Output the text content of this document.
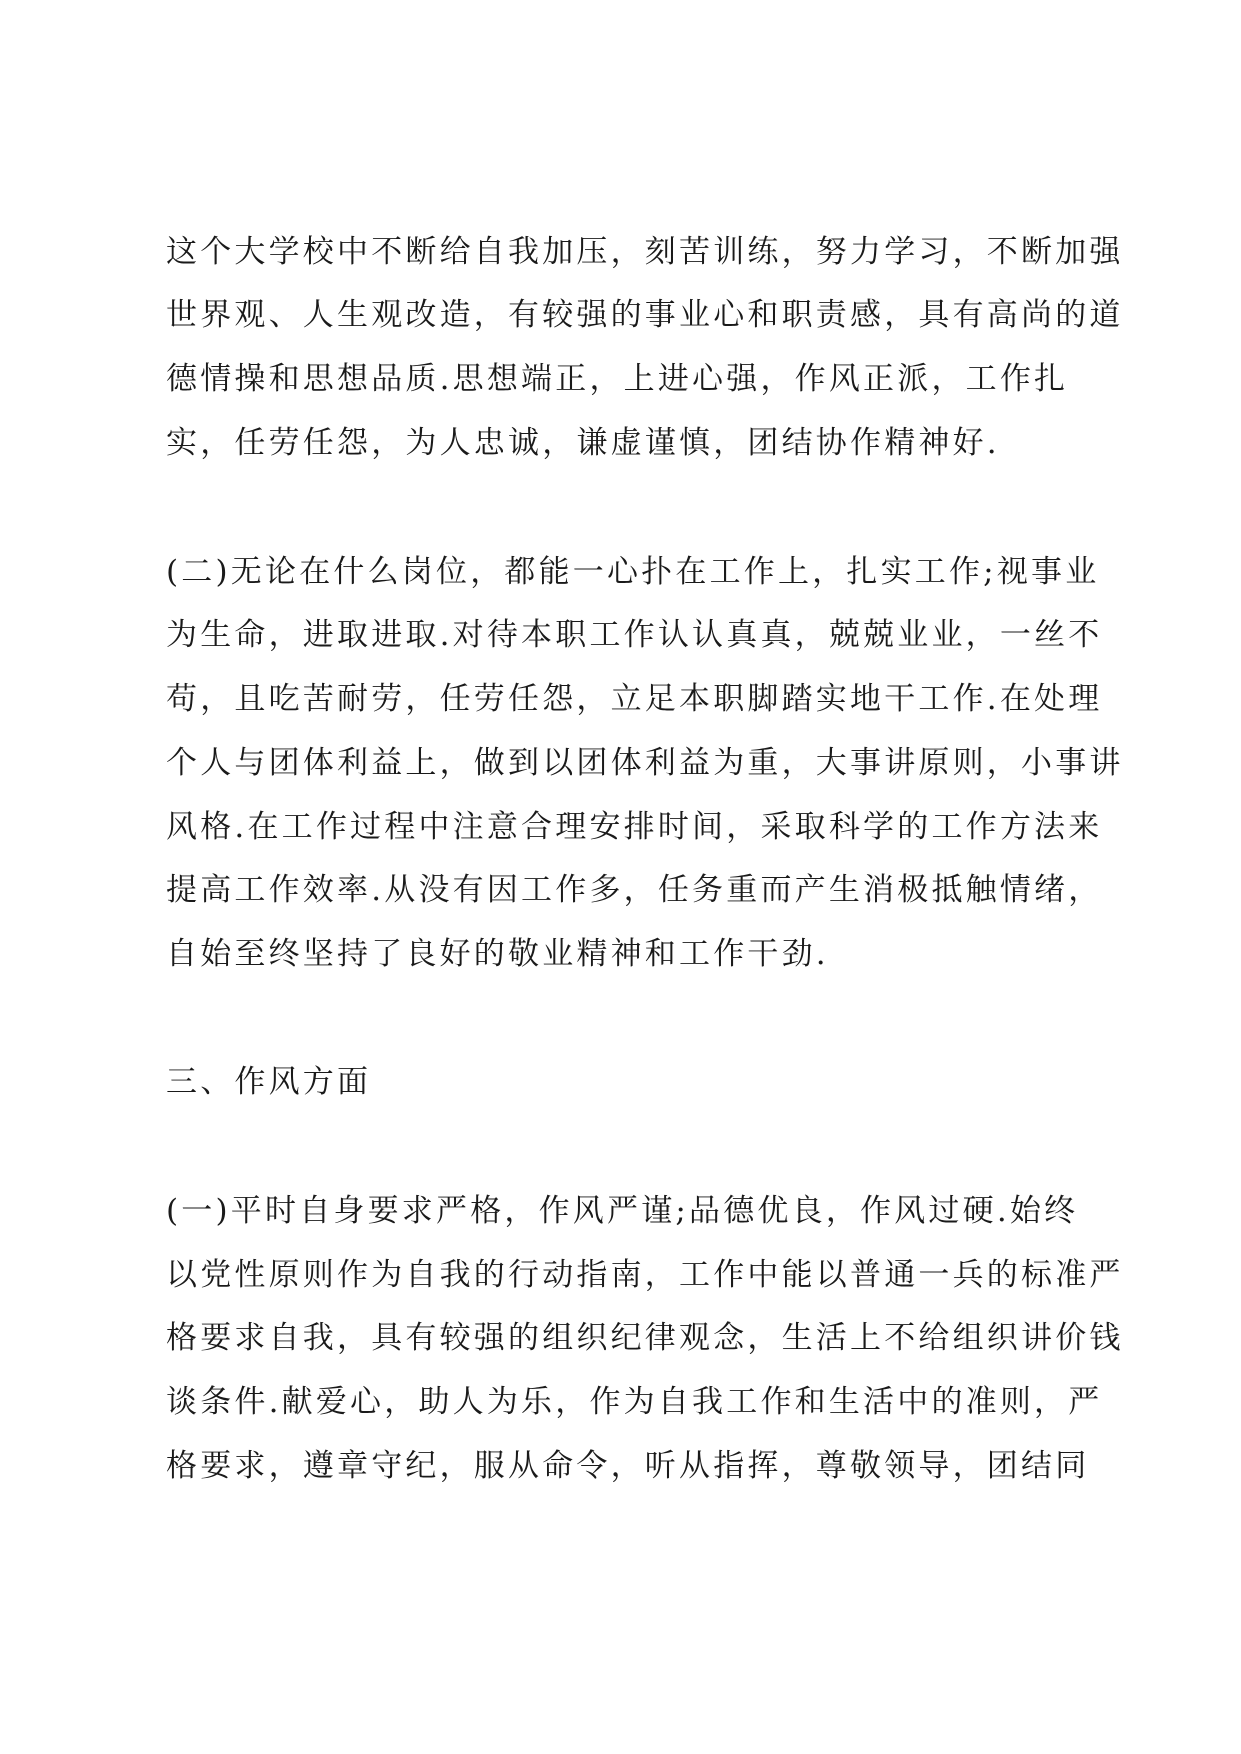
这个大学校中不断给自我加压，刻苦训练，努力学习，不断加强
世界观、人生观改造，有较强的事业心和职责感，具有高尚的道
德情操和思想品质.思想端正，上进心强，作风正派，工作扎
实，任劳任怨，为人忠诚，谦虚谨慎，团结协作精神好.
(二)无论在什么岗位，都能一心扑在工作上，扎实工作;视事业
为生命，进取进取.对待本职工作认认真真，兢兢业业，一丝不
苟，且吃苦耐劳，任劳任怨，立足本职脚踏实地干工作.在处理
个人与团体利益上，做到以团体利益为重，大事讲原则，小事讲
风格.在工作过程中注意合理安排时间，采取科学的工作方法来
提高工作效率.从没有因工作多，任务重而产生消极抵触情绪，
自始至终坚持了良好的敬业精神和工作干劲.
三、作风方面
(一)平时自身要求严格，作风严谨;品德优良，作风过硬.始终
以党性原则作为自我的行动指南，工作中能以普通一兵的标准严
格要求自我，具有较强的组织纪律观念，生活上不给组织讲价钱
谈条件.献爱心，助人为乐，作为自我工作和生活中的准则，严
格要求，遵章守纪，服从命令，听从指挥，尊敬领导，团结同
